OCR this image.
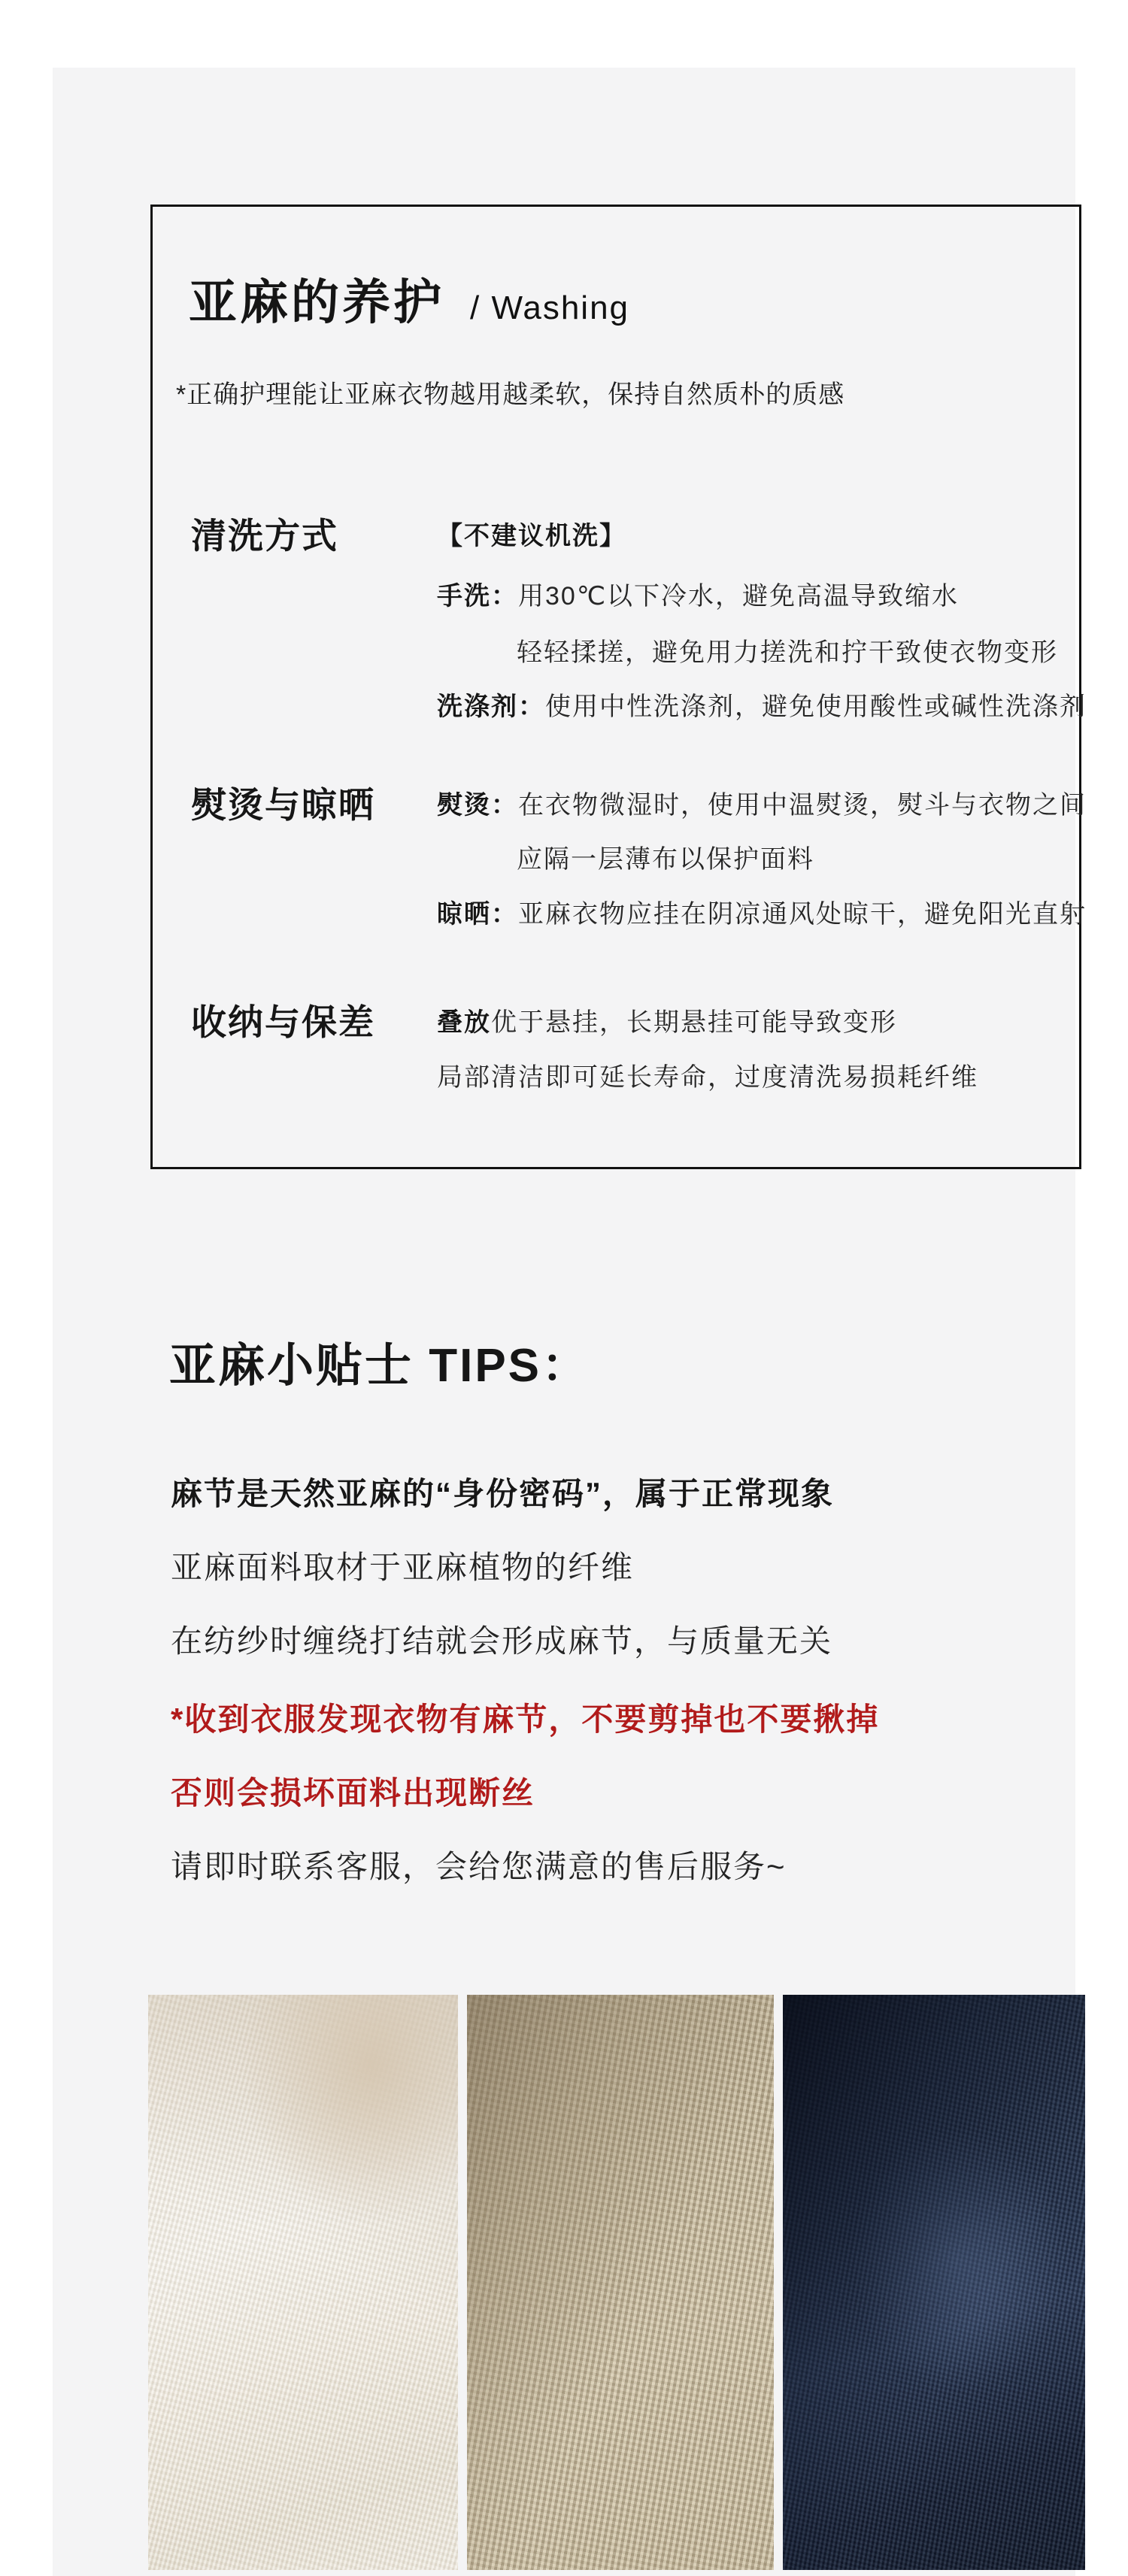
亚麻的养护 / Washing

*正确护理能让亚麻衣物越用越柔软，保持自然质朴的质感

清洗方式
熨烫与晾晒
收纳与保差

【不建议机洗】

手洗：用30℃以下冷水，避免高温导致缩水

轻轻揉搓，避免用力搓洗和拧干致使衣物变形

洗涤剂：使用中性洗涤剂，避免使用酸性或碱性洗涤剂

熨烫：在衣物微湿时，使用中温熨烫，熨斗与衣物之间

应隔一层薄布以保护面料

晾晒：亚麻衣物应挂在阴凉通风处晾干，避免阳光直射

叠放优于悬挂，长期悬挂可能导致变形

局部清洁即可延长寿命，过度清洗易损耗纤维

亚麻小贴士 TIPS：

麻节是天然亚麻的“身份密码”，属于正常现象

亚麻面料取材于亚麻植物的纤维

在纺纱时缠绕打结就会形成麻节，与质量无关

*收到衣服发现衣物有麻节，不要剪掉也不要揪掉

否则会损坏面料出现断丝

请即时联系客服，会给您满意的售后服务~
